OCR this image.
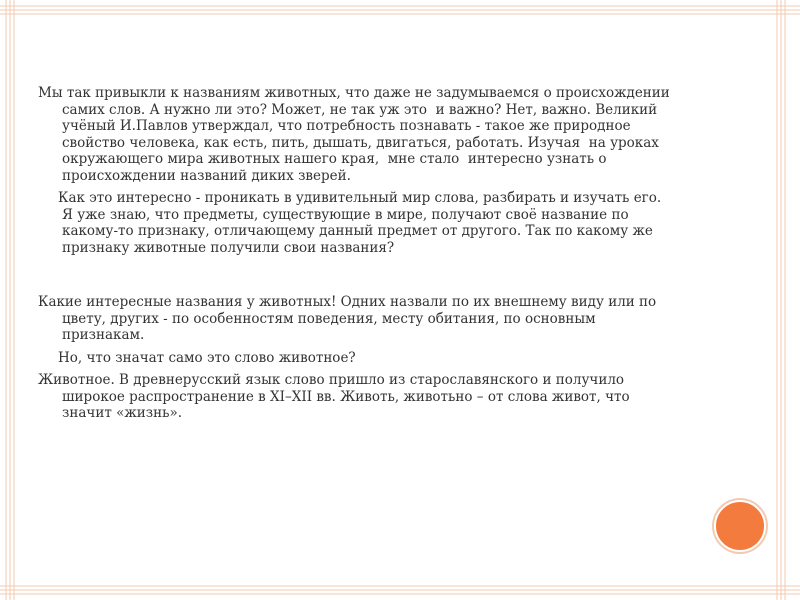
Мы так привыкли к названиям животных, что даже не задумываемся о происхождении самих слов. А нужно ли это? Может, не так уж это  и важно? Нет, важно. Великий учёный И.Павлов утверждал, что потребность познавать - такое же природное свойство человека, как есть, пить, дышать, двигаться, работать. Изучая  на уроках окружающего мира животных нашего края,  мне стало  интересно узнать о происхождении названий диких зверей.

Как это интересно - проникать в удивительный мир слова, разбирать и изучать его.  Я уже знаю, что предметы, существующие в мире, получают своё название по какому-то признаку, отличающему данный предмет от другого. Так по какому же признаку животные получили свои названия?

Какие интересные названия у животных! Одних назвали по их внешнему виду или по цвету, других - по особенностям поведения, месту обитания, по основным признакам.

Но, что значат само это слово животное?

Животное. В древнерусский язык слово пришло из старославянского и получило широкое распространение в XI–XII вв. Животь, животьно – от слова живот, что значит «жизнь».
